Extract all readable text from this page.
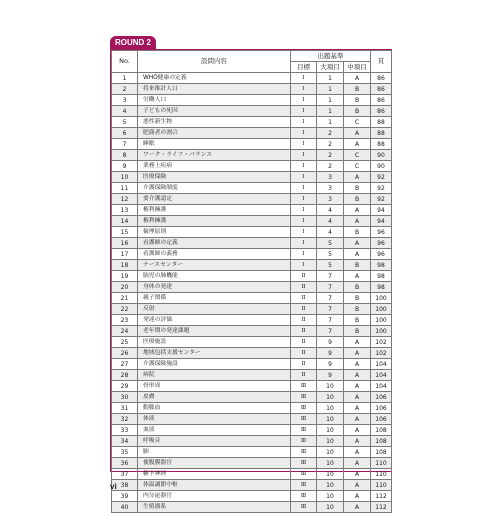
ROUND 2
No.	設問内容	出題基準			頁
		目標	大項目	中項目	
1	WHO健康の定義	Ⅰ	1	A	86
2	将来推計人口	Ⅰ	1	B	86
3	労働人口	Ⅰ	1	B	86
4	子どもの死因	Ⅰ	1	B	86
5	悪性新生物	Ⅰ	1	C	88
6	肥満者の割合	Ⅰ	2	A	88
7	睡眠	Ⅰ	2	A	88
8	ワーク・ライフ・バランス	Ⅰ	2	C	90
9	業務上疾病	Ⅰ	2	C	90
10	医療保険	Ⅰ	3	A	92
11	介護保険制度	Ⅰ	3	B	92
12	要介護認定	Ⅰ	3	B	92
13	権利擁護	Ⅰ	4	A	94
14	権利擁護	Ⅰ	4	A	94
15	倫理原則	Ⅰ	4	B	96
16	看護師の定義	Ⅰ	5	A	96
17	看護師の義務	Ⅰ	5	A	96
18	ナースセンター	Ⅰ	5	B	98
19	胎児の肺機能	Ⅱ	7	A	98
20	身体の発達	Ⅱ	7	B	98
21	親子関係	Ⅱ	7	B	100
22	反射	Ⅱ	7	B	100
23	発達の評価	Ⅱ	7	B	100
24	老年期の発達課題	Ⅱ	7	B	100
25	医療施設	Ⅱ	9	A	102
26	地域包括支援センター	Ⅱ	9	A	102
27	介護保険施設	Ⅱ	9	A	104
28	病院	Ⅱ	9	A	104
29	骨形成	Ⅲ	10	A	104
30	皮膚	Ⅲ	10	A	106
31	動脈血	Ⅲ	10	A	106
32	体液	Ⅲ	10	A	106
33	血液	Ⅲ	10	A	108
34	呼吸音	Ⅲ	10	A	108
35	肺	Ⅲ	10	A	108
36	後腹膜器官	Ⅲ	10	A	110
37	糖下神経	Ⅲ	10	A	110
38	体温調節中枢	Ⅲ	10	A	110
39	内分泌器官	Ⅲ	10	A	112
40	生殖器系	Ⅲ	10	A	112
vi
